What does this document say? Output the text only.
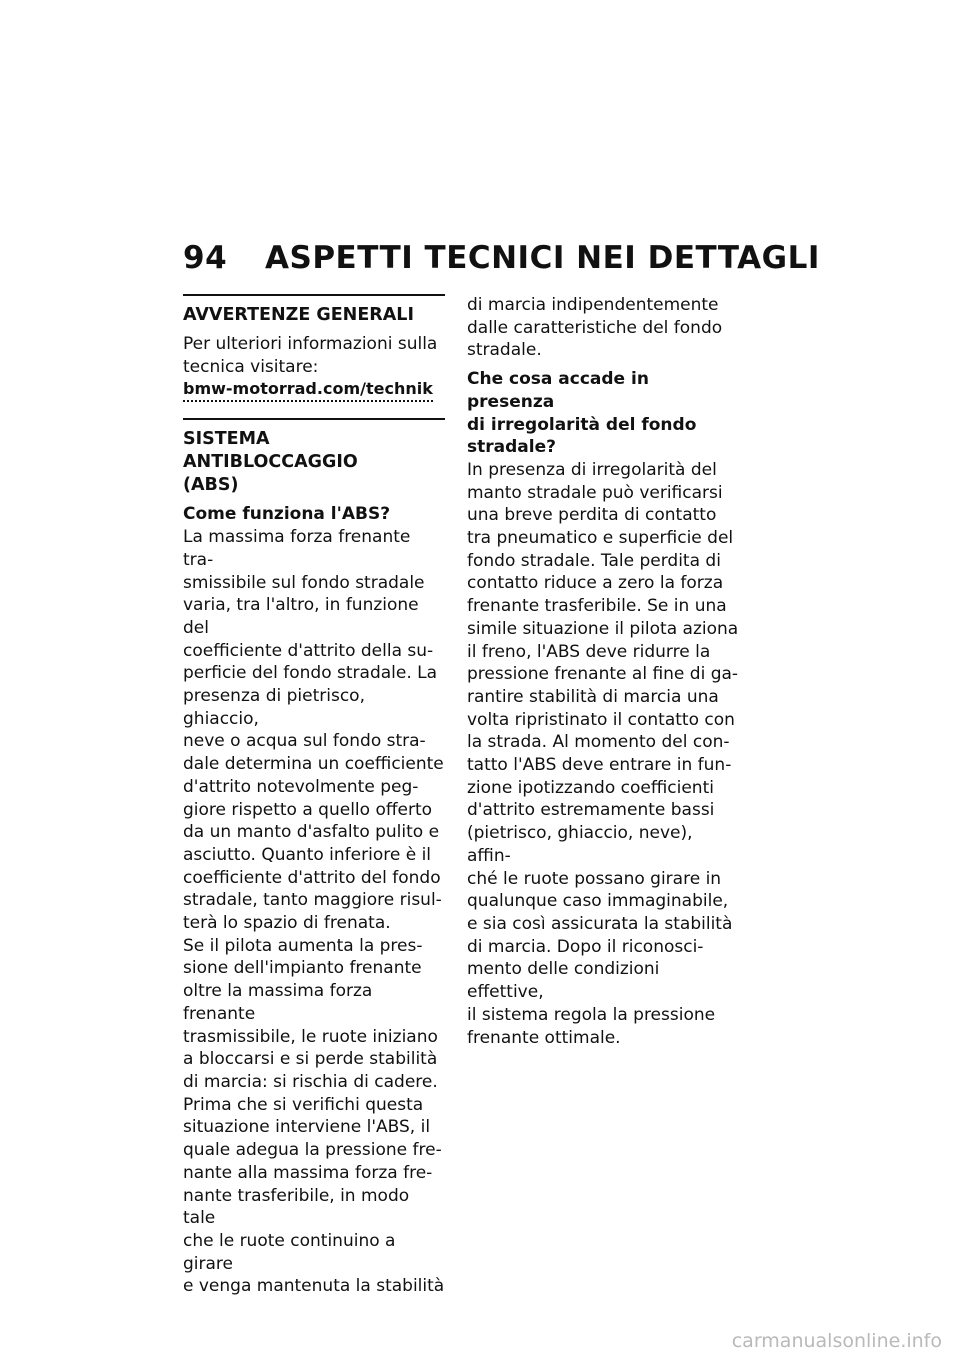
94 ASPETTI TECNICI NEI DETTAGLI
AVVERTENZE GENERALI
Per ulteriori informazioni sulla
tecnica visitare:
bmw-motorrad.com/technik
SISTEMA ANTIBLOCCAGGIO
(ABS)
Come funziona l'ABS?
La massima forza frenante tra-
smissibile sul fondo stradale
varia, tra l'altro, in funzione del
coefficiente d'attrito della su-
perficie del fondo stradale. La
presenza di pietrisco, ghiaccio,
neve o acqua sul fondo stra-
dale determina un coefficiente
d'attrito notevolmente peg-
giore rispetto a quello offerto
da un manto d'asfalto pulito e
asciutto. Quanto inferiore è il
coefficiente d'attrito del fondo
stradale, tanto maggiore risul-
terà lo spazio di frenata.
Se il pilota aumenta la pres-
sione dell'impianto frenante
oltre la massima forza frenante
trasmissibile, le ruote iniziano
a bloccarsi e si perde stabilità
di marcia: si rischia di cadere.
Prima che si verifichi questa
situazione interviene l'ABS, il
quale adegua la pressione fre-
nante alla massima forza fre-
nante trasferibile, in modo tale
che le ruote continuino a girare
e venga mantenuta la stabilità
di marcia indipendentemente
dalle caratteristiche del fondo
stradale.
Che cosa accade in presenza
di irregolarità del fondo
stradale?
In presenza di irregolarità del
manto stradale può verificarsi
una breve perdita di contatto
tra pneumatico e superficie del
fondo stradale. Tale perdita di
contatto riduce a zero la forza
frenante trasferibile. Se in una
simile situazione il pilota aziona
il freno, l'ABS deve ridurre la
pressione frenante al fine di ga-
rantire stabilità di marcia una
volta ripristinato il contatto con
la strada. Al momento del con-
tatto l'ABS deve entrare in fun-
zione ipotizzando coefficienti
d'attrito estremamente bassi
(pietrisco, ghiaccio, neve), affin-
ché le ruote possano girare in
qualunque caso immaginabile,
e sia così assicurata la stabilità
di marcia. Dopo il riconosci-
mento delle condizioni effettive,
il sistema regola la pressione
frenante ottimale.
carmanualsonline.info
